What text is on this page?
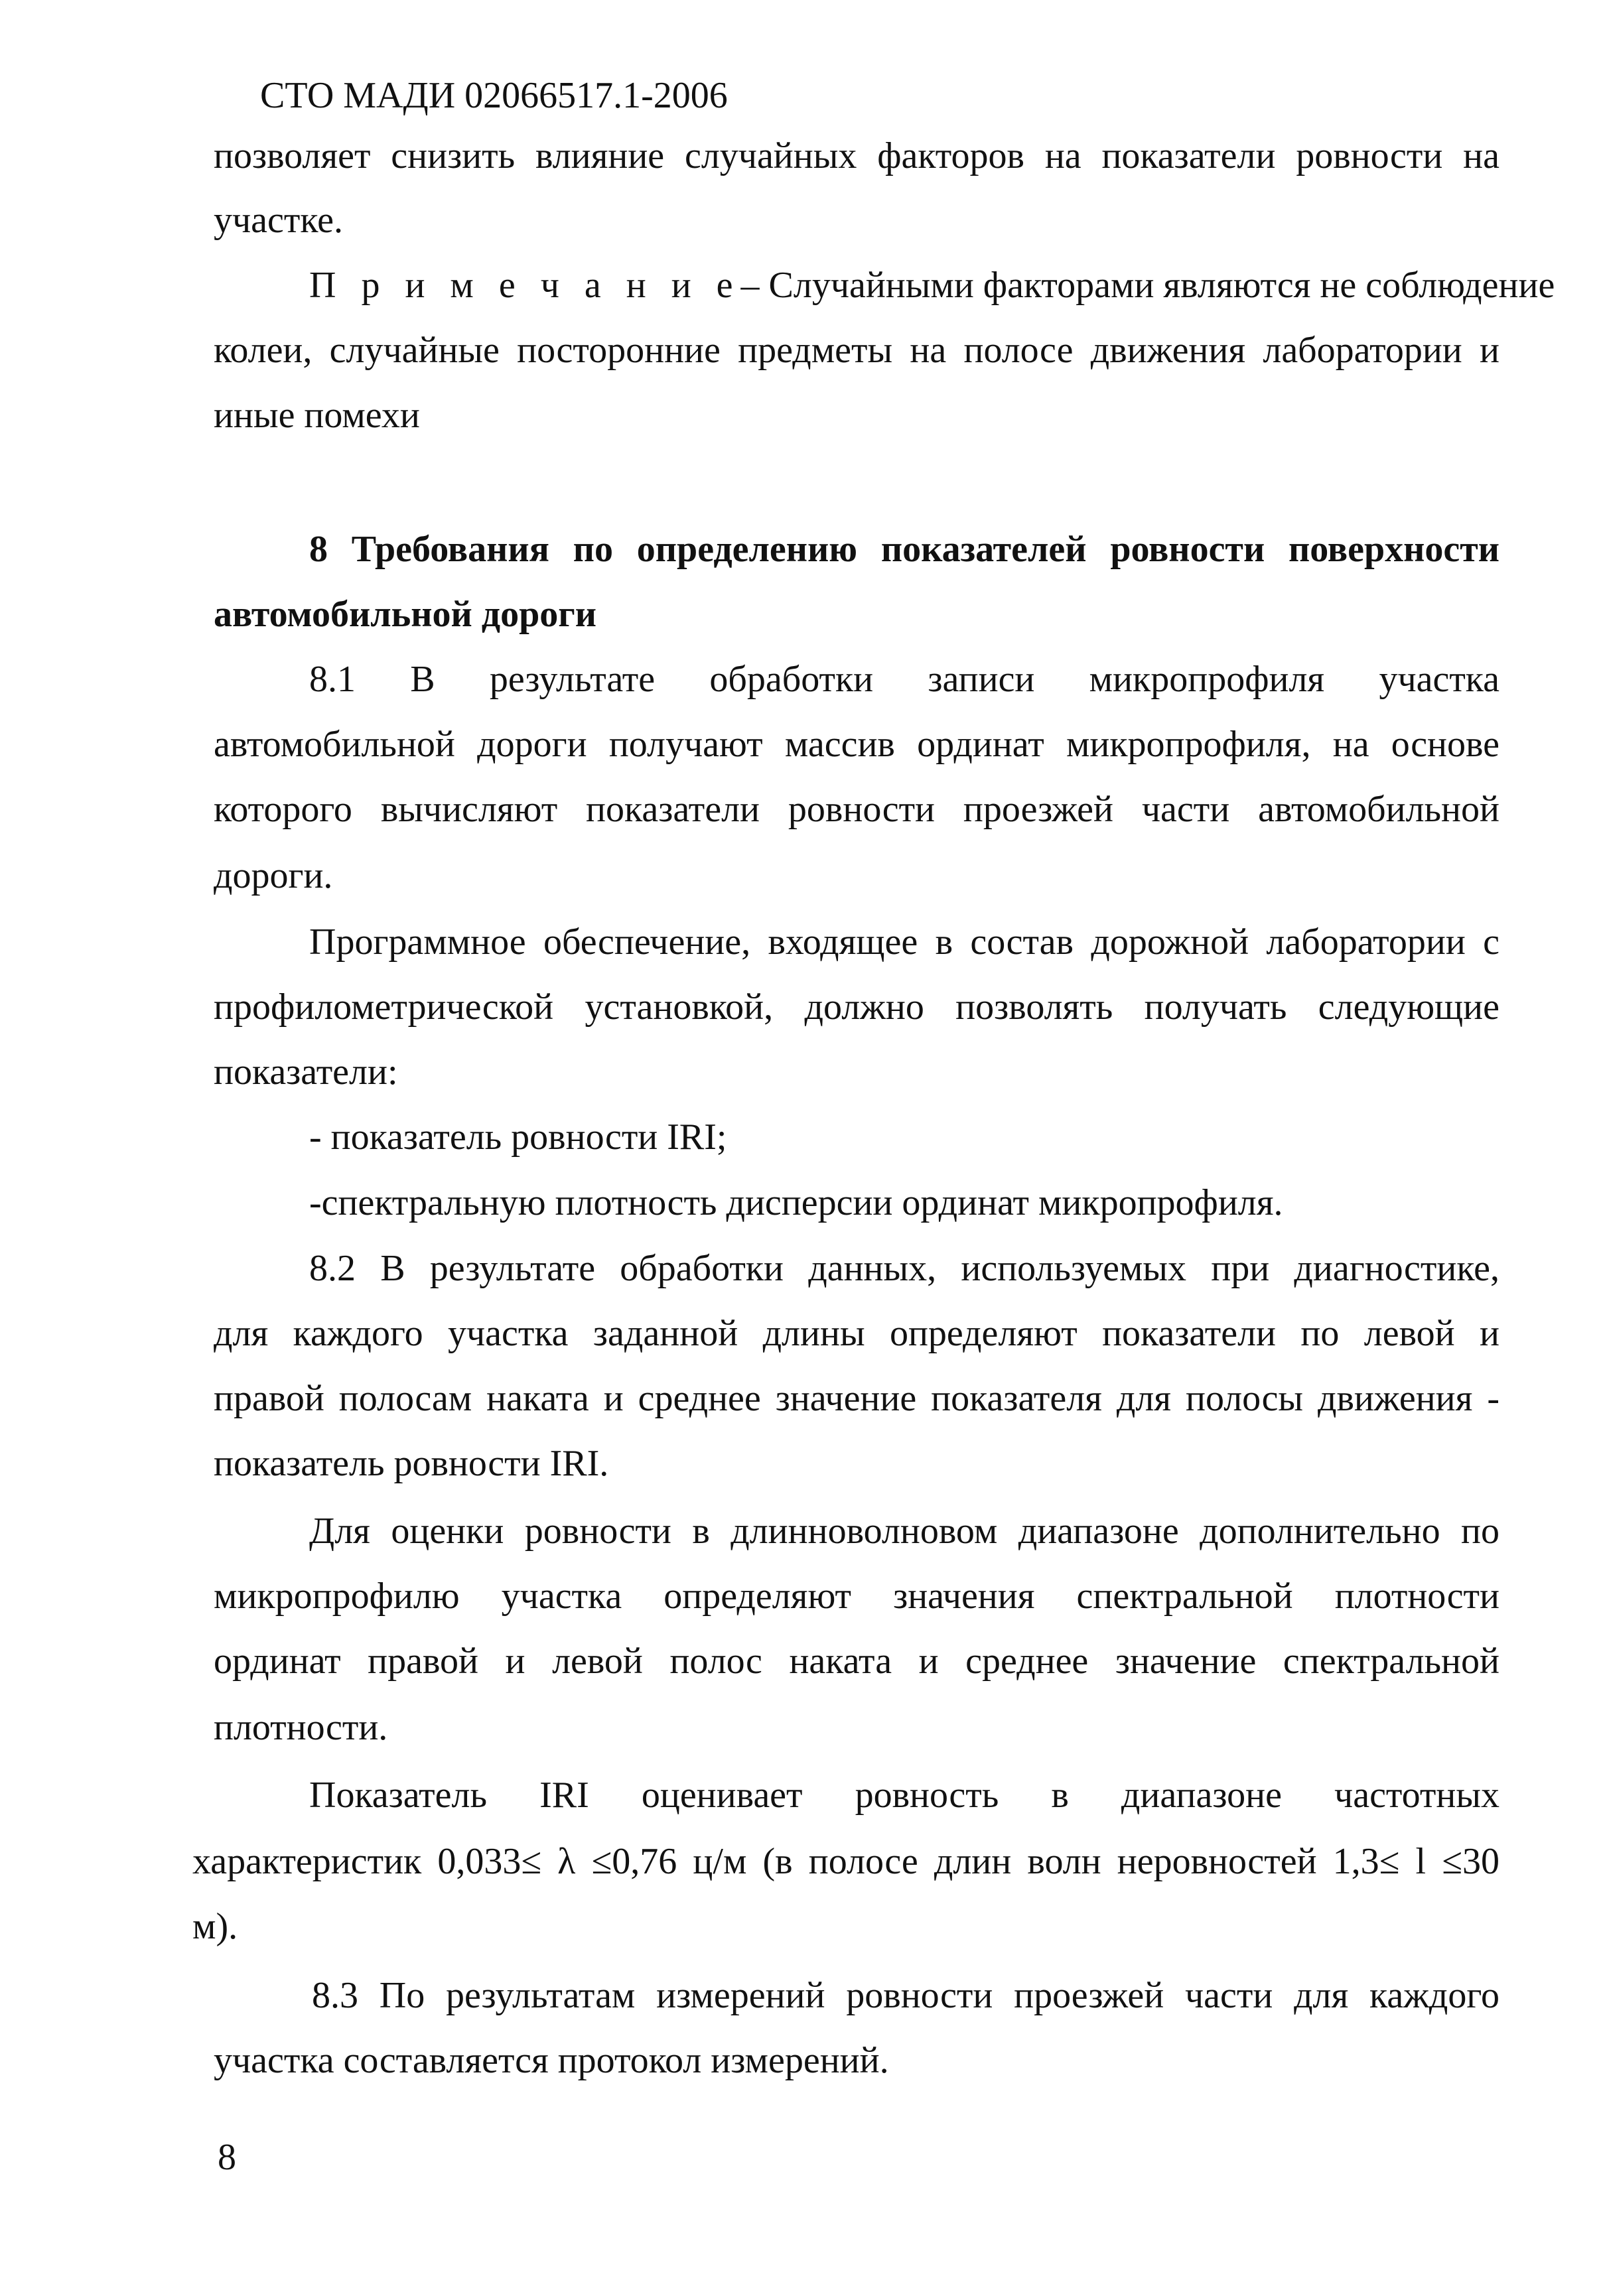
СТО МАДИ 02066517.1-2006
позволяет снизить влияние случайных факторов на показатели ровности на
участке.
П р и м е ч а н и е– Случайными факторами являются не соблюдение
колеи, случайные посторонние предметы на полосе движения лаборатории и
иные помехи
8 Требования по определению показателей ровности поверхности
автомобильной дороги
8.1 В результате обработки записи микропрофиля участка
автомобильной дороги получают массив ординат микропрофиля, на основе
которого вычисляют показатели ровности проезжей части автомобильной
дороги.
Программное обеспечение, входящее в состав дорожной лаборатории с
профилометрической установкой, должно позволять получать следующие
показатели:
- показатель ровности IRI;
-спектральную плотность дисперсии ординат микропрофиля.
8.2 В результате обработки данных, используемых при диагностике,
для каждого участка заданной длины определяют показатели по левой и
правой полосам наката и среднее значение показателя для полосы движения -
показатель ровности IRI.
Для оценки ровности в длинноволновом диапазоне дополнительно по
микропрофилю участка определяют значения спектральной плотности
ординат правой и левой полос наката и среднее значение спектральной
плотности.
Показатель IRI оценивает ровность в диапазоне частотных
характеристик 0,033≤ λ ≤0,76 ц/м (в полосе длин волн неровностей 1,3≤ l ≤30
м).
8.3 По результатам измерений ровности проезжей части для каждого
участка составляется протокол измерений.
8
